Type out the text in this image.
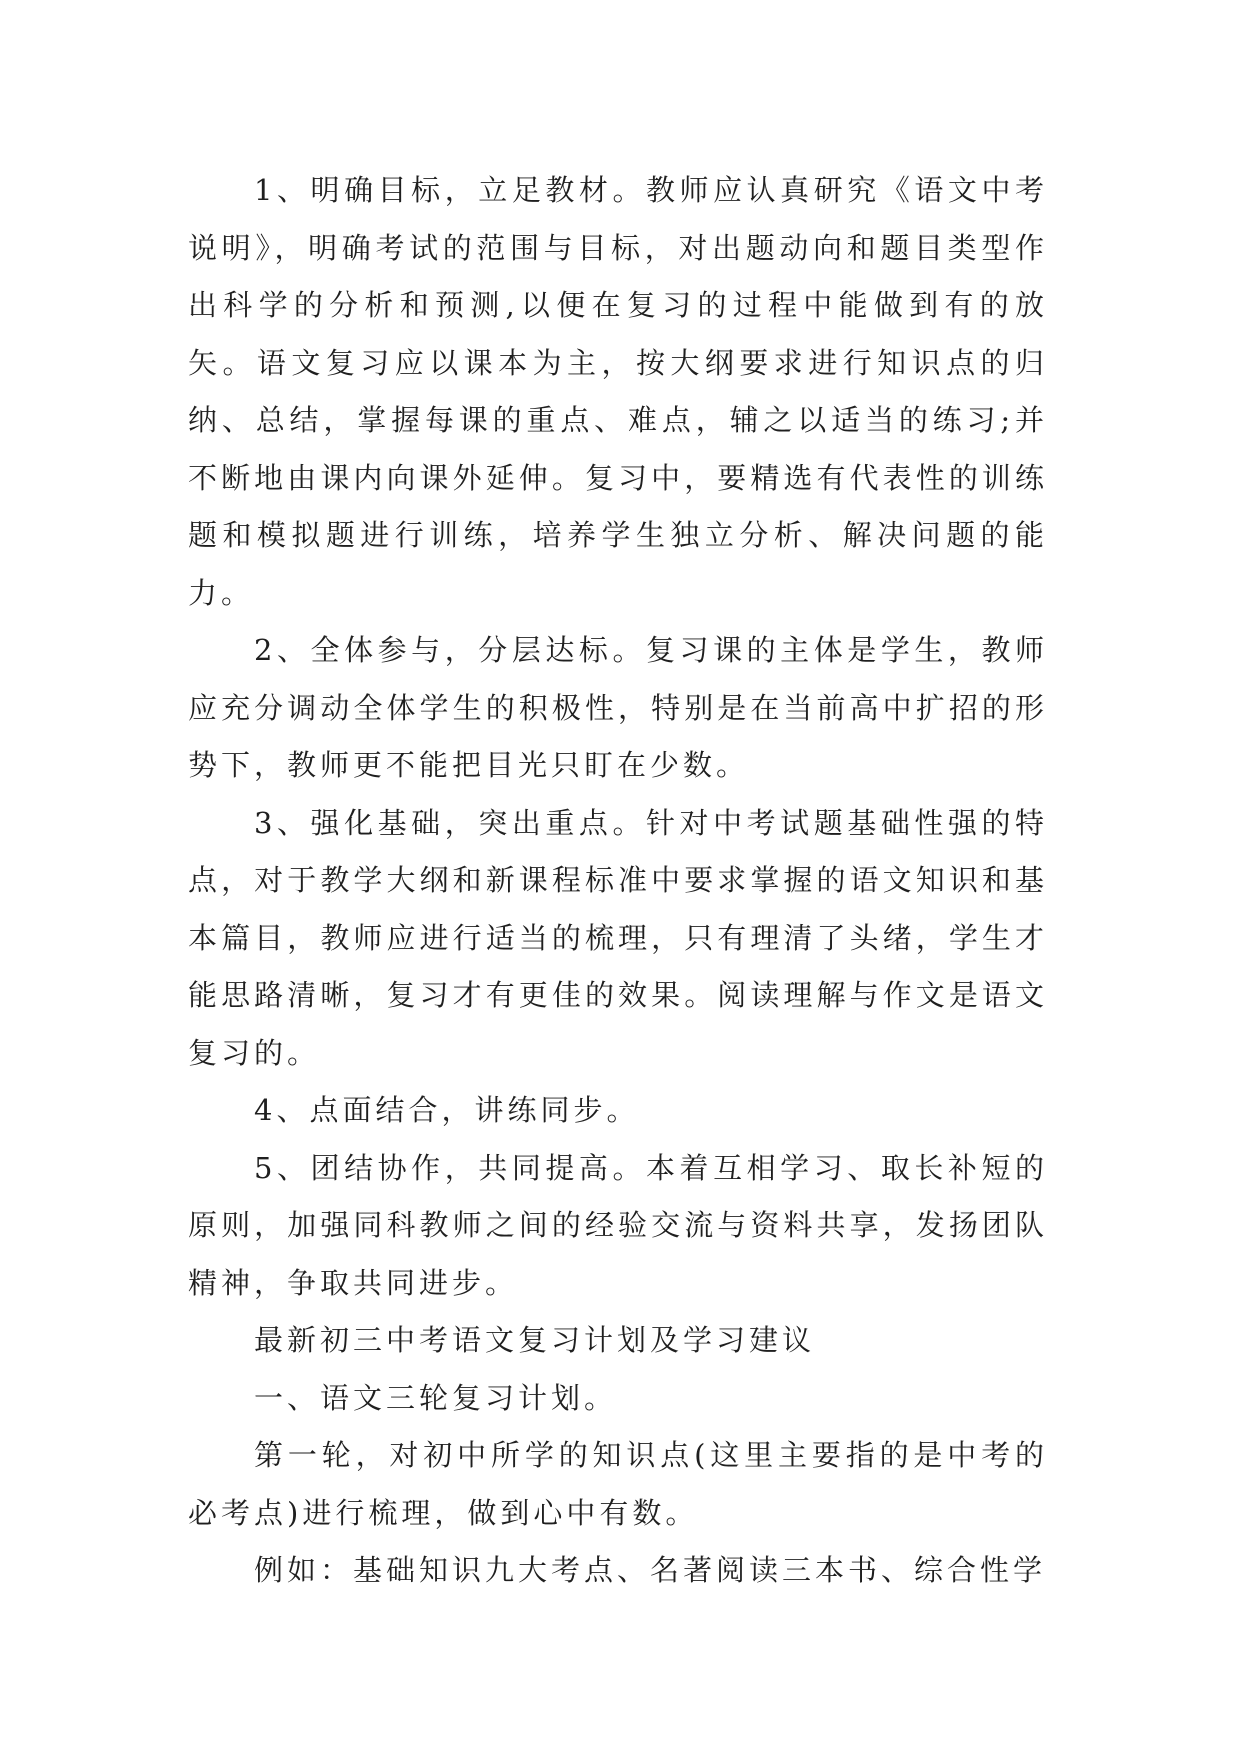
1、明确目标，立足教材。教师应认真研究《语文中考说明》，明确考试的范围与目标，对出题动向和题目类型作出科学的分析和预测,以便在复习的过程中能做到有的放矢。语文复习应以课本为主，按大纲要求进行知识点的归纳、总结，掌握每课的重点、难点，辅之以适当的练习;并不断地由课内向课外延伸。复习中，要精选有代表性的训练题和模拟题进行训练，培养学生独立分析、解决问题的能力。

2、全体参与，分层达标。复习课的主体是学生，教师应充分调动全体学生的积极性，特别是在当前高中扩招的形势下，教师更不能把目光只盯在少数。

3、强化基础，突出重点。针对中考试题基础性强的特点，对于教学大纲和新课程标准中要求掌握的语文知识和基本篇目，教师应进行适当的梳理，只有理清了头绪，学生才能思路清晰，复习才有更佳的效果。阅读理解与作文是语文复习的。

4、点面结合，讲练同步。

5、团结协作，共同提高。本着互相学习、取长补短的原则，加强同科教师之间的经验交流与资料共享，发扬团队精神，争取共同进步。

最新初三中考语文复习计划及学习建议

一、语文三轮复习计划。

第一轮，对初中所学的知识点(这里主要指的是中考的必考点)进行梳理，做到心中有数。

例如：基础知识九大考点、名著阅读三本书、综合性学
